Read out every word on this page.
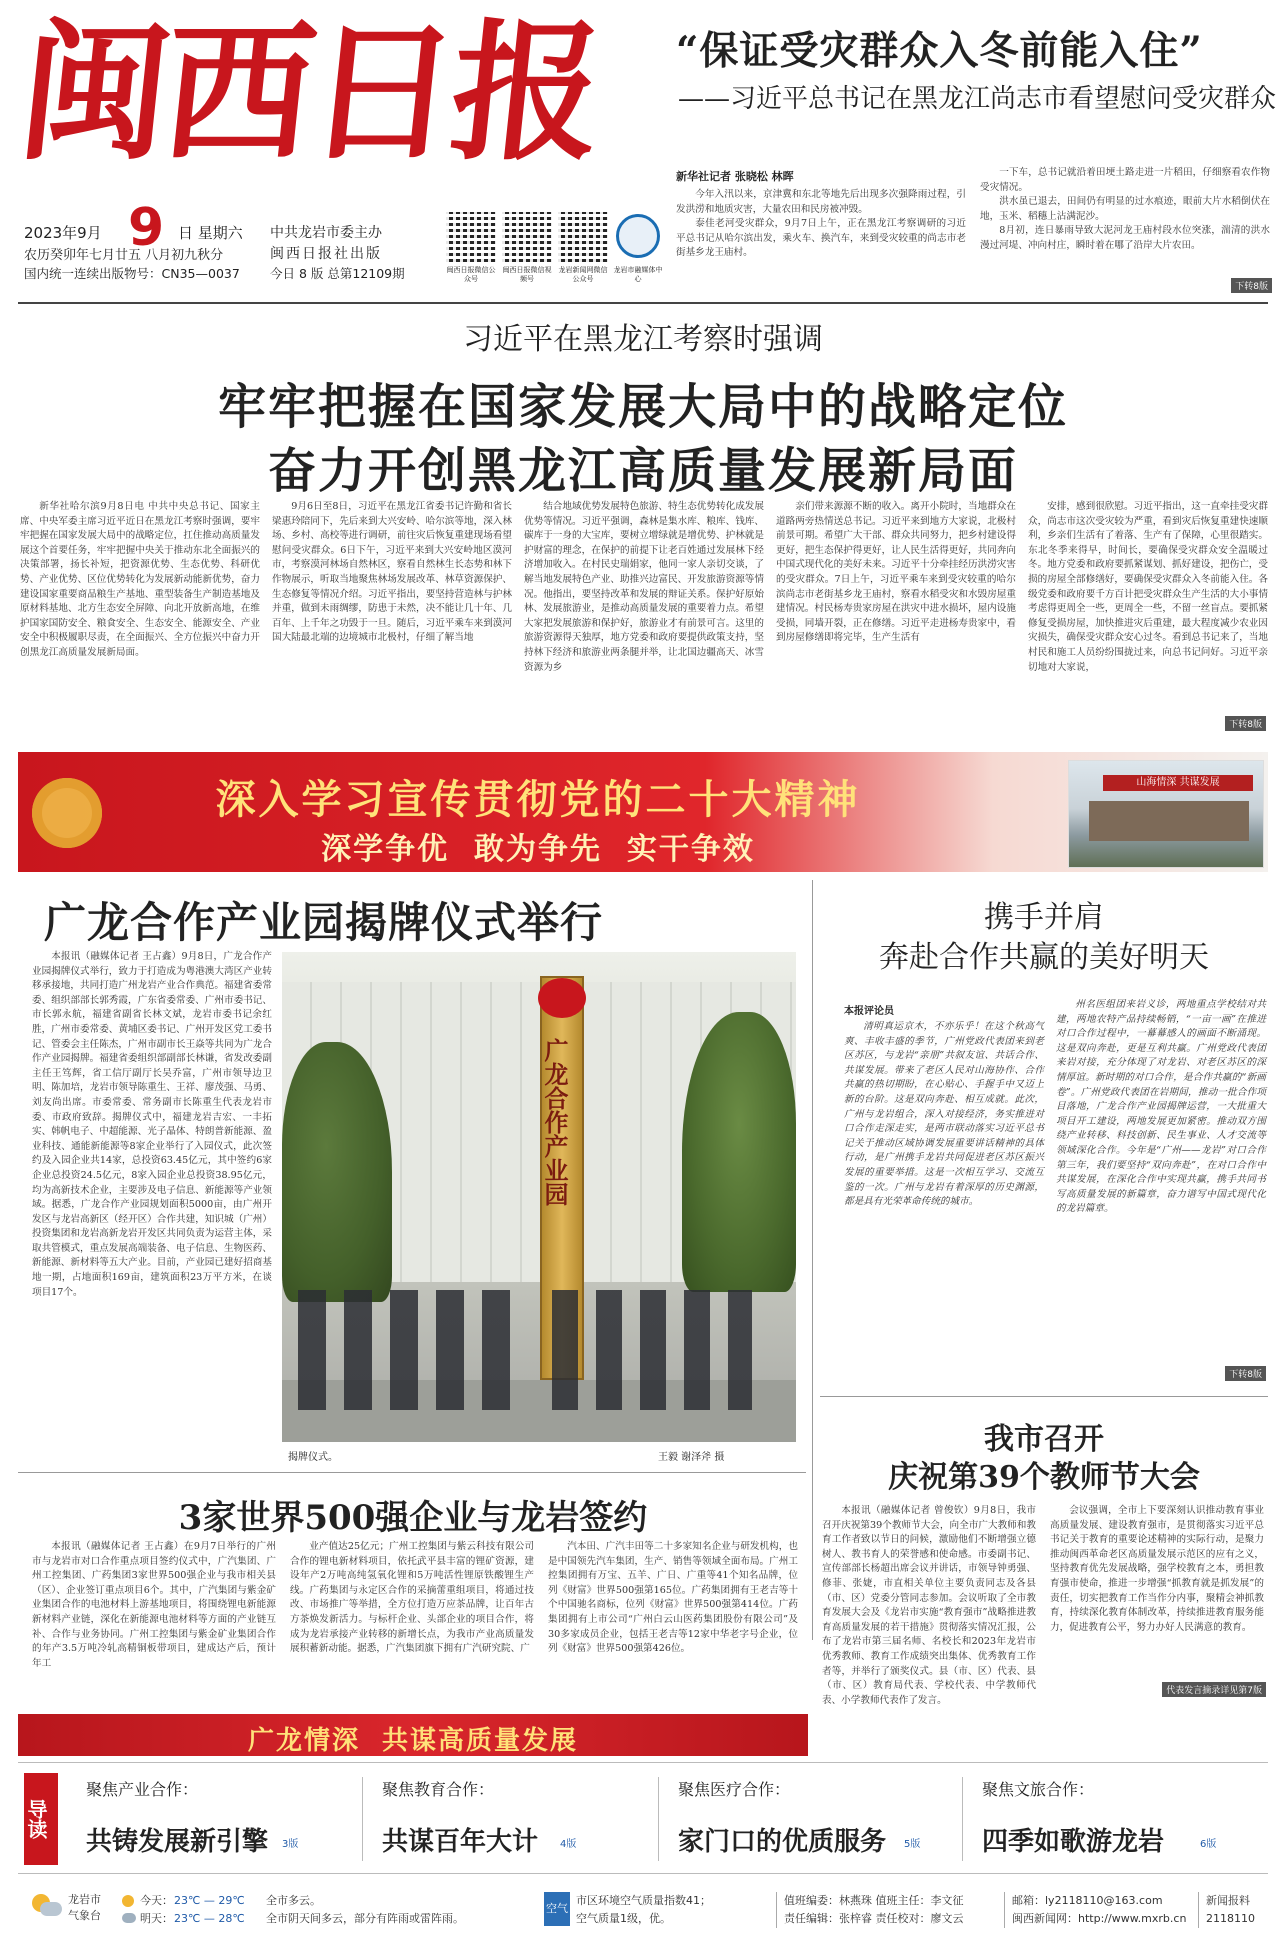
闽西日报
2023年9月 9 日 星期六
农历癸卯年七月廿五 八月初九秋分
国内统一连续出版物号：CN35—0037
中共龙岩市委主办
闽西日报社出版
今日 8 版 总第12109期	闽西日报微信公众号
闽西日报微信视频号
龙岩新闻网微信公众号
龙岩市融媒体中心
“保证受灾群众入冬前能入住”
——习近平总书记在黑龙江尚志市看望慰问受灾群众
新华社记者 张晓松 林晖

今年入汛以来，京津冀和东北等地先后出现多次强降雨过程，引发洪涝和地质灾害，大量农田和民房被冲毁。

泰佳老河受灾群众，9月7日上午，正在黑龙江考察调研的习近平总书记从哈尔滨出发，乘火车、换汽车，来到受灾较重的尚志市老街基乡龙王庙村。

一下车，总书记就沿着田埂土路走进一片稻田，仔细察看农作物受灾情况。

洪水虽已退去，田间仍有明显的过水痕迹，眼前大片水稻倒伏在地，玉米、稻穗上沾满泥沙。

8月初，连日暴雨导致大泥河龙王庙村段水位突涨，湍清的洪水漫过河堤、冲向村庄，瞬时着在哪了沿岸大片农田。

下转8版
习近平在黑龙江考察时强调
牢牢把握在国家发展大局中的战略定位
奋力开创黑龙江高质量发展新局面

新华社哈尔滨9月8日电 中共中央总书记、国家主席、中央军委主席习近平近日在黑龙江考察时强调，要牢牢把握在国家发展大局中的战略定位，扛住推动高质量发展这个首要任务，牢牢把握中央关于推动东北全面振兴的决策部署，扬长补短，把资源优势、生态优势、科研优势、产业优势、区位优势转化为发展新动能新优势，奋力建设国家重要商品粮生产基地、重型装备生产制造基地及原材料基地、北方生态安全屏障、向北开放新高地，在维护国家国防安全、粮食安全、生态安全、能源安全、产业安全中积极履职尽责，在全面振兴、全方位振兴中奋力开创黑龙江高质量发展新局面。

9月6日至8日，习近平在黑龙江省委书记许勤和省长梁惠玲陪同下，先后来到大兴安岭、哈尔滨等地，深入林场、乡村、高校等进行调研，前往灾后恢复重建现场看望慰问受灾群众。6日下午，习近平来到大兴安岭地区漠河市，考察漠河林场自然林区，察看自然林生长态势和林下作物展示，听取当地聚焦林场发展改革、林草资源保护、生态修复等情况介绍。习近平指出，要坚持营造林与护林并重，做到未雨绸缪，防患于未然，决不能让几十年、几百年、上千年之功毁于一旦。随后，习近平乘车来到漠河国大陆最北端的边境城市北极村，仔细了解当地

结合地域优势发展特色旅游、特生态优势转化成发展优势等情况。习近平强调，森林是集水库、粮库、钱库、碳库于一身的大宝库，要树立增绿就是增优势、护林就是护财富的理念，在保护的前提下让老百姓通过发展林下经济增加收入。在村民史瑞娟家，他同一家人亲切交谈，了解当地发展特色产业、助推兴边富民、开发旅游资源等情况。他指出，要坚持改革和发展的辩证关系。保护好原始林、发展旅游业，是推动高质量发展的重要着力点。希望大家把发展旅游和保护好，旅游业才有前景可言。这里的旅游资源得天独厚，地方党委和政府要提供政策支持，坚持林下经济和旅游业两条腿并举，让北国边疆高天、冰雪资源为乡

亲们带来源源不断的收入。离开小院时，当地群众在道路两旁热情送总书记。习近平来到地方大家说，北极村前景可期。希望广大干部、群众共同努力，把乡村建设得更好，把生态保护得更好，让人民生活得更好，共同奔向中国式现代化的美好未来。习近平十分牵挂经历洪涝灾害的受灾群众。7日上午，习近平乘车来到受灾较重的哈尔滨尚志市老街基乡龙王庙村，察看水稻受灾和水毁房屋重建情况。村民杨寿贵家房屋在洪灾中进水损坏，屋内设施受损，同墙开裂，正在修缮。习近平走进杨寿贵家中，看到房屋修缮即将完毕，生产生活有

安排，感到很欣慰。习近平指出，这一直牵挂受灾群众，尚志市这次受灾较为严重，看到灾后恢复重建快速顺利，乡亲们生活有了着落、生产有了保障，心里很踏实。东北冬季来得早，时间长，要确保受灾群众安全温暖过冬。地方党委和政府要抓紧谋划、抓好建设，把伤亡，受损的房屋全部修缮好，要确保受灾群众入冬前能入住。各级党委和政府要千方百计把受灾群众生产生活的大小事情考虑得更周全一些，更周全一些，不留一丝盲点。要抓紧修复受损房屋，加快推进灾后重建，最大程度减少农业因灾损失，确保受灾群众安心过冬。看到总书记来了，当地村民和施工人员纷纷围拢过来，向总书记问好。习近平亲切地对大家说，

下转8版
深入学习宣传贯彻党的二十大精神
深学争优  敢为争先  实干争效
山海情深 共谋发展
广龙合作产业园揭牌仪式举行

本报讯（融媒体记者 王占鑫）9月8日，广龙合作产业园揭牌仪式举行，致力于打造成为粤港澳大湾区产业转移承接地，共同打造广州龙岩产业合作典范。福建省委常委、组织部部长郭秀霞，广东省委常委、广州市委书记、市长郭永航，福建省副省长林文斌，龙岩市委书记余红胜，广州市委常委、黄埔区委书记、广州开发区党工委书记、管委会主任陈杰，广州市副市长王焱等共同为广龙合作产业园揭牌。福建省委组织部副部长林谦，省发改委副主任王笃辉，省工信厅副厅长吴乔富，广州市领导边卫明、陈加培，龙岩市领导陈重生、王祥、廖茂强、马勇、刘友尚出席。市委常委、常务副市长陈重生代表龙岩市委、市政府致辞。揭牌仪式中，福建龙岩吉宏、一丰拓实、韩帆电子、中超能源、光子晶体、特朗普新能源、盈业科技、通能新能源等8家企业举行了入园仪式，此次签约及入园企业共14家，总投资63.45亿元，其中签约6家企业总投资24.5亿元，8家入园企业总投资38.95亿元，均为高新技术企业，主要涉及电子信息、新能源等产业领域。据悉，广龙合作产业园规划面积5000亩，由广州开发区与龙岩高新区（经开区）合作共建，知识城（广州）投资集团和龙岩高新龙岩开发区共同负责为运营主体，采取共管模式，重点发展高端装备、电子信息、生物医药、新能源、新材料等五大产业。目前，产业园已建好招商基地一期，占地面积169亩，建筑面积23万平方米，在谈项目17个。

广龙合作产业园
揭牌仪式。	王毅 谢泽斧 摄
携手并肩
奔赴合作共赢的美好明天
本报评论员

清明真运京木，不亦乐乎！在这个秋高气爽、丰收丰盛的季节，广州党政代表团来到老区苏区，与龙岩“亲朋”共叙友谊、共话合作、共谋发展。带来了老区人民对山海协作、合作共赢的热切期盼，在心贴心、手握手中又迈上新的台阶。这是双向奔赴、相互成就。此次，广州与龙岩组合，深入对接经济，务实推进对口合作走深走实，是两市联动落实习近平总书记关于推动区域协调发展重要讲话精神的具体行动，是广州携手龙岩共同促进老区苏区振兴发展的重要举措。这是一次相互学习、交流互鉴的一次。广州与龙岩有着深厚的历史渊源，都是具有光荣革命传统的城市。

州名医组团来岩义诊，两地重点学校结对共建，两地农特产品持续畅销，“一亩一画”在推进对口合作过程中，一幕幕感人的画面不断涌现。这是双向奔赴，更是互利共赢。广州党政代表团来岩对接，充分体现了对龙岩、对老区苏区的深情厚谊。新时期的对口合作，是合作共赢的“新画卷”。广州党政代表团在岩期间，推动一批合作项目落地，广龙合作产业园揭牌运营，一大批重大项目开工建设，两地发展更加紧密。推动双方围绕产业转移、科技创新、民生事业、人才交流等领域深化合作。今年是“广州——龙岩”对口合作第三年，我们要坚持“双向奔赴”，在对口合作中共谋发展，在深化合作中实现共赢，携手共同书写高质量发展的新篇章，奋力谱写中国式现代化的龙岩篇章。

下转8版
我市召开
庆祝第39个教师节大会

本报讯（融媒体记者 曾俊钦）9月8日，我市召开庆祝第39个教师节大会，向全市广大教师和教育工作者致以节日的问候，激励他们不断增强立德树人、教书育人的荣誉感和使命感。市委副书记、宣传部部长杨超出席会议并讲话，市领导钟勇强、修菲、张婕，市直相关单位主要负责同志及各县（市、区）党委分管同志参加。会议听取了全市教育发展大会及《龙岩市实施“教育强市”战略推进教育高质量发展的若干措施》贯彻落实情况汇报，公布了龙岩市第三届名师、名校长和2023年龙岩市优秀教师、教育工作成绩突出集体、优秀教育工作者等，并举行了颁奖仪式。县（市、区）代表、县（市、区）教育局代表、学校代表、中学教师代表、小学教师代表作了发言。

会议强调，全市上下要深刻认识推动教育事业高质量发展、建设教育强市，是贯彻落实习近平总书记关于教育的重要论述精神的实际行动，是聚力推动闽西革命老区高质量发展示范区的应有之义，坚持教育优先发展战略，强学校教育之本，勇担教育强市使命，推进一步增强“抓教育就是抓发展”的责任，切实把教育工作当作分内事，聚精会神抓教育，持续深化教育体制改革，持续推进教育服务能力，促进教育公平，努力办好人民满意的教育。

代表发言摘录详见第7版
3家世界500强企业与龙岩签约

本报讯（融媒体记者 王占鑫）在9月7日举行的广州市与龙岩市对口合作重点项目签约仪式中，广汽集团、广州工控集团、广药集团3家世界500强企业与我市相关县（区）、企业签订重点项目6个。其中，广汽集团与紫金矿业集团合作的电池材料上游基地项目，将围绕锂电新能源新材料产业链，深化在新能源电池材料等方面的产业链互补、合作与业务协同。广州工控集团与紫金矿业集团合作的年产3.5万吨冷轧高精铜板带项目，建成达产后，预计年工

业产值达25亿元；广州工控集团与紫云科技有限公司合作的锂电新材料项目，依托武平县丰富的锂矿资源，建设年产2万吨高纯氢氧化锂和5万吨活性锂原铁酸锂生产线。广药集团与永定区合作的采摘蕾重组项目，将通过技改、市场推广等举措，全方位打造万应茶品牌，让百年古方茶焕发新活力。与标杆企业、头部企业的项目合作，将成为龙岩承接产业转移的新增长点，为我市产业高质量发展积蓄新动能。据悉，广汽集团旗下拥有广汽研究院、广

汽本田、广汽丰田等二十多家知名企业与研发机构，也是中国领先汽车集团，生产、销售等领域全面布局。广州工控集团拥有万宝、五羊、广日、广重等41个知名品牌，位列《财富》世界500强第165位。广药集团拥有王老吉等十个中国驰名商标，位列《财富》世界500强第414位。广药集团拥有上市公司“广州白云山医药集团股份有限公司”及30多家成员企业，包括王老吉等12家中华老字号企业，位列《财富》世界500强第426位。

广龙情深  共谋高质量发展
导读
聚焦产业合作：
共铸发展新引擎 3版
聚焦教育合作：
共谋百年大计 4版
聚焦医疗合作：
家门口的优质服务 5版
聚焦文旅合作：
四季如歌游龙岩	6版
龙岩市
气象台
今天： 23℃ — 29℃ 全市多云。
明天： 23℃ — 28℃ 全市阴天间多云，部分有阵雨或雷阵雨。
空气
市区环境空气质量指数41；
空气质量1级，优。
值班编委：林燕珠 值班主任：李文征
责任编辑：张梓睿 责任校对：廖文云
邮箱：ly2118110@163.com
闽西新闻网：http://www.mxrb.cn
新闻报料
2118110
